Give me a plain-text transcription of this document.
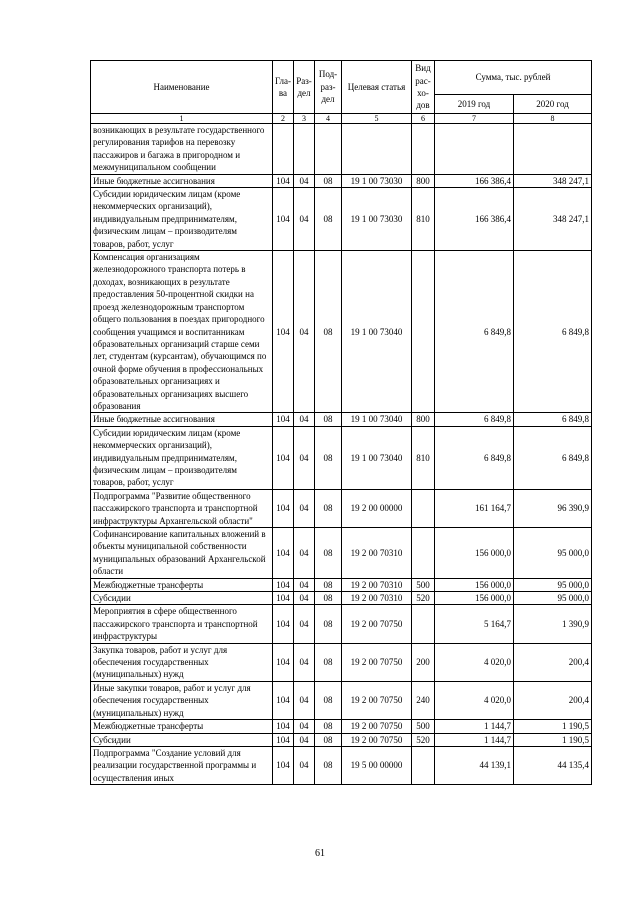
Наименование	Гла- ва	Раз- дел	Под- раз- дел	Целевая статья	Вид рас- хо- дов	Сумма, тыс. рублей	
						2019 год	2020 год
1	2	3	4	5	6	7	8
возникающих в результате государственного регулирования тарифов на перевозку пассажиров и багажа в пригородном и межмуниципальном сообщении							
Иные бюджетные ассигнования	104	04	08	19 1 00 73030	800	166 386,4	348 247,1
Субсидии юридическим лицам (кроме некоммерческих организаций), индивидуальным предпринимателям, физическим лицам – производителям товаров, работ, услуг	104	04	08	19 1 00 73030	810	166 386,4	348 247,1
Компенсация организациям железнодорожного транспорта потерь в доходах, возникающих в результате предоставления 50-процентной скидки на проезд железнодорожным транспортом общего пользования в поездах пригородного сообщения учащимся и воспитанникам образовательных организаций старше семи лет, студентам (курсантам), обучающимся по очной форме обучения в профессиональных образовательных организациях и образовательных организациях высшего образования	104	04	08	19 1 00 73040		6 849,8	6 849,8
Иные бюджетные ассигнования	104	04	08	19 1 00 73040	800	6 849,8	6 849,8
Субсидии юридическим лицам (кроме некоммерческих организаций), индивидуальным предпринимателям, физическим лицам – производителям товаров, работ, услуг	104	04	08	19 1 00 73040	810	6 849,8	6 849,8
Подпрограмма "Развитие общественного пассажирского транспорта и транспортной инфраструктуры Архангельской области"	104	04	08	19 2 00 00000		161 164,7	96 390,9
Софинансирование капитальных вложений в объекты муниципальной собственности муниципальных образований Архангельской области	104	04	08	19 2 00 70310		156 000,0	95 000,0
Межбюджетные трансферты	104	04	08	19 2 00 70310	500	156 000,0	95 000,0
Субсидии	104	04	08	19 2 00 70310	520	156 000,0	95 000,0
Мероприятия в сфере общественного пассажирского транспорта и транспортной инфраструктуры	104	04	08	19 2 00 70750		5 164,7	1 390,9
Закупка товаров, работ и услуг для обеспечения государственных (муниципальных) нужд	104	04	08	19 2 00 70750	200	4 020,0	200,4
Иные закупки товаров, работ и услуг для обеспечения государственных (муниципальных) нужд	104	04	08	19 2 00 70750	240	4 020,0	200,4
Межбюджетные трансферты	104	04	08	19 2 00 70750	500	1 144,7	1 190,5
Субсидии	104	04	08	19 2 00 70750	520	1 144,7	1 190,5
Подпрограмма "Создание условий для реализации государственной программы и осуществления иных	104	04	08	19 5 00 00000		44 139,1	44 135,4
61
